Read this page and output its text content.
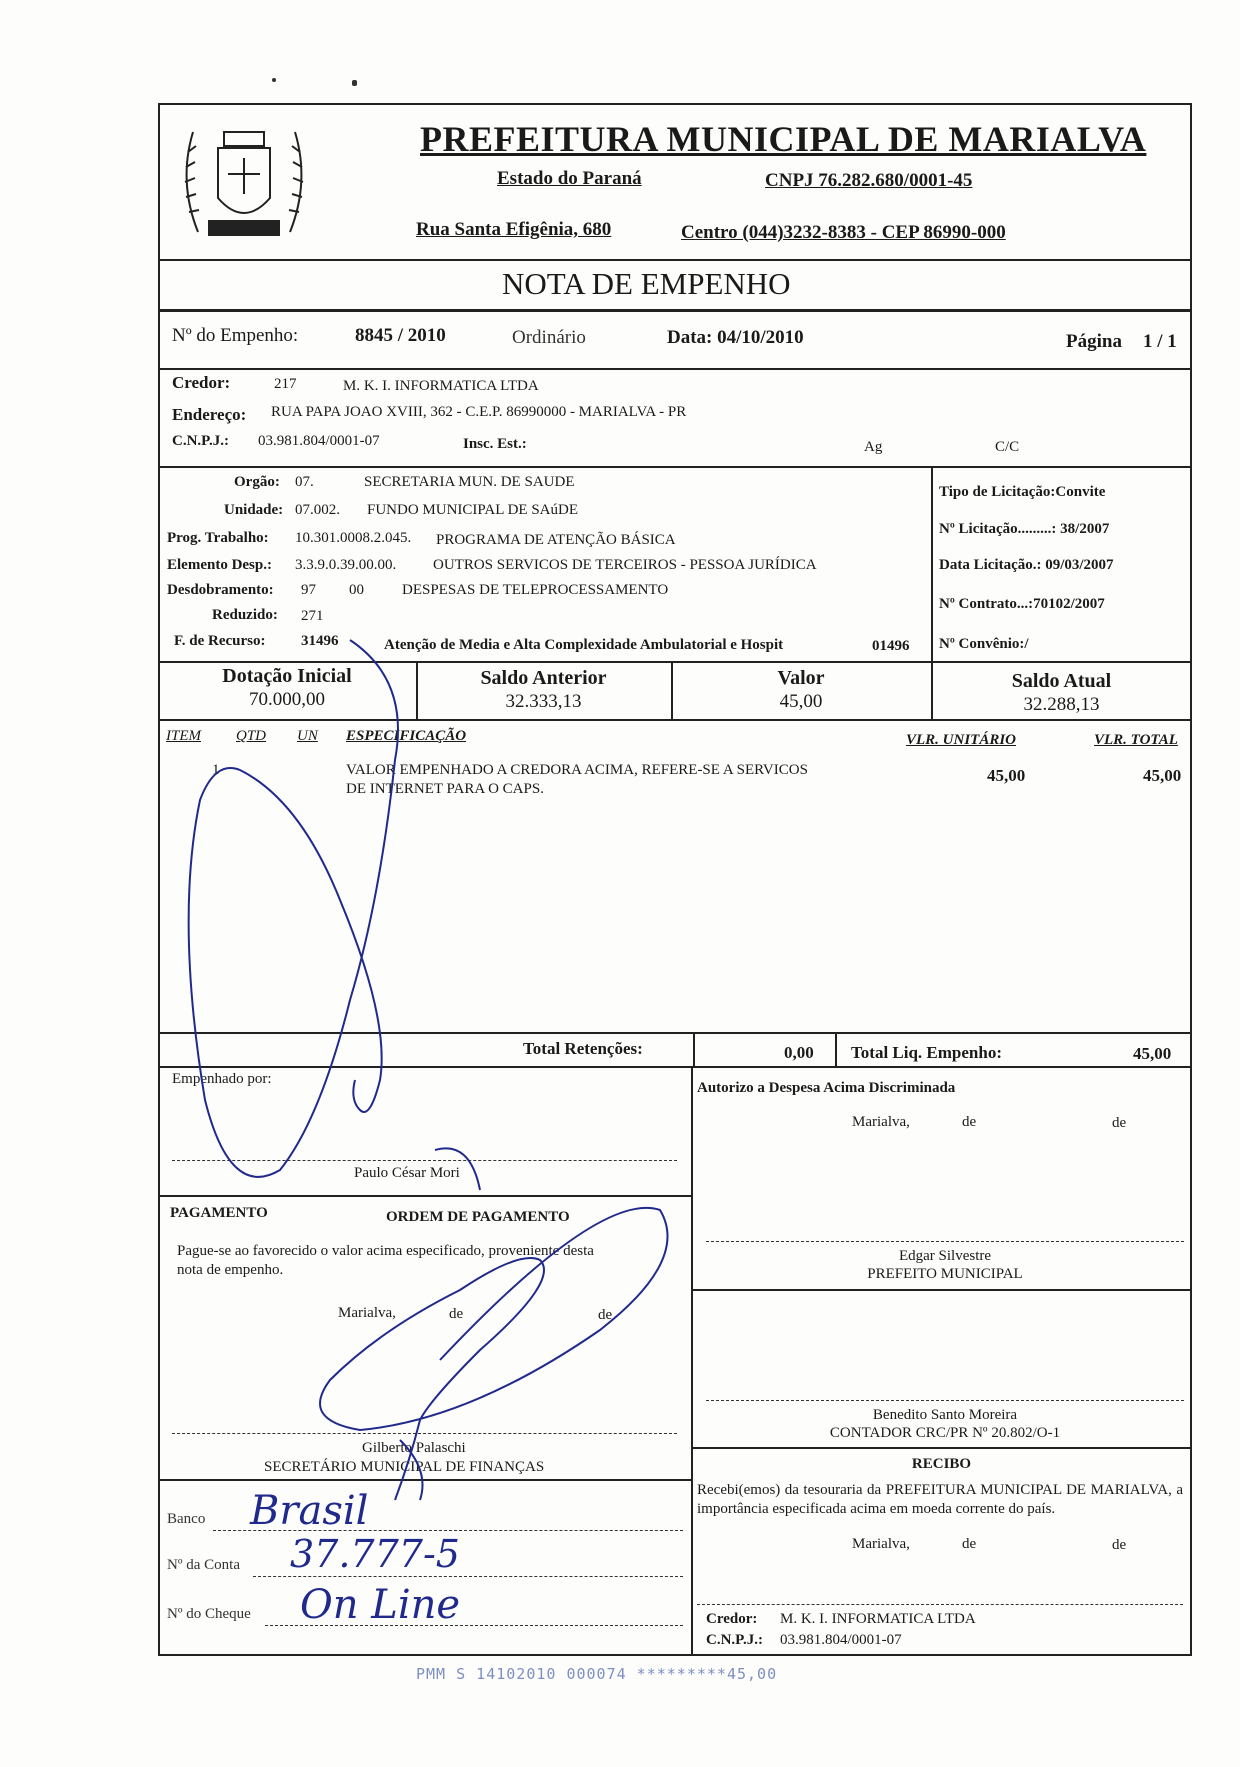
PREFEITURA MUNICIPAL DE MARIALVA
Estado do Paraná	CNPJ 76.282.680/0001-45
Rua Santa Efigênia, 680	Centro (044)3232-8383 - CEP 86990-000
NOTA DE EMPENHO
Nº do Empenho:	8845 / 2010	Ordinário	Data: 04/10/2010	Página 1 / 1
Credor:	217	M. K. I. INFORMATICA LTDA
Endereço: RUA PAPA JOAO XVIII, 362 - C.E.P. 86990000 - MARIALVA - PR
C.N.P.J.: 03.981.804/0001-07	Insc. Est.:	Ag	C/C
Orgão: 07.	SECRETARIA MUN. DE SAUDE
Unidade: 07.002. FUNDO MUNICIPAL DE SAúDE
Prog. Trabalho: 10.301.0008.2.045. PROGRAMA DE ATENÇÃO BÁSICA
Elemento Desp.: 3.3.9.0.39.00.00. OUTROS SERVICOS DE TERCEIROS - PESSOA JURÍDICA
Desdobramento: 97 00	DESPESAS DE TELEPROCESSAMENTO
Reduzido: 271
F. de Recurso: 31496	Atenção de Media e Alta Complexidade Ambulatorial e Hospit	01496
Tipo de Licitação:Convite
Nº Licitação.........: 38/2007
Data Licitação.: 09/03/2007
Nº Contrato...:70102/2007
Nº Convênio:/
Dotação Inicial
70.000,00
Saldo Anterior
32.333,13
Valor
45,00
Saldo Atual
32.288,13
ITEM QTD UN ESPECIFICAÇÃO	VLR. UNITÁRIO	VLR. TOTAL
1	VALOR EMPENHADO A CREDORA ACIMA, REFERE-SE A SERVICOS
DE INTERNET PARA O CAPS.
45,00	45,00
Total Retenções:	0,00 Total Liq. Empenho:	45,00
Empenhado por:
Paulo César Mori
Autorizo a Despesa Acima Discriminada
Marialva,	de	de
PAGAMENTO	ORDEM DE PAGAMENTO
Pague-se ao favorecido o valor acima especificado, proveniente desta
nota de empenho.
Marialva,	de	de
Gilberto Palaschi
SECRETÁRIO MUNICIPAL DE FINANÇAS
Edgar Silvestre
PREFEITO MUNICIPAL
Benedito Santo Moreira
CONTADOR CRC/PR Nº 20.802/O-1
RECIBO
Recebi(emos) da tesouraria da PREFEITURA MUNICIPAL DE MARIALVA, a importância especificada acima em moeda corrente do país.
Marialva,	de	de
Credor: M. K. I. INFORMATICA LTDA
C.N.P.J.: 03.981.804/0001-07
Banco Brasil
Nº da Conta 37.777-5
Nº do Cheque On Line
PMM S 14102010 000074 *********45,00
